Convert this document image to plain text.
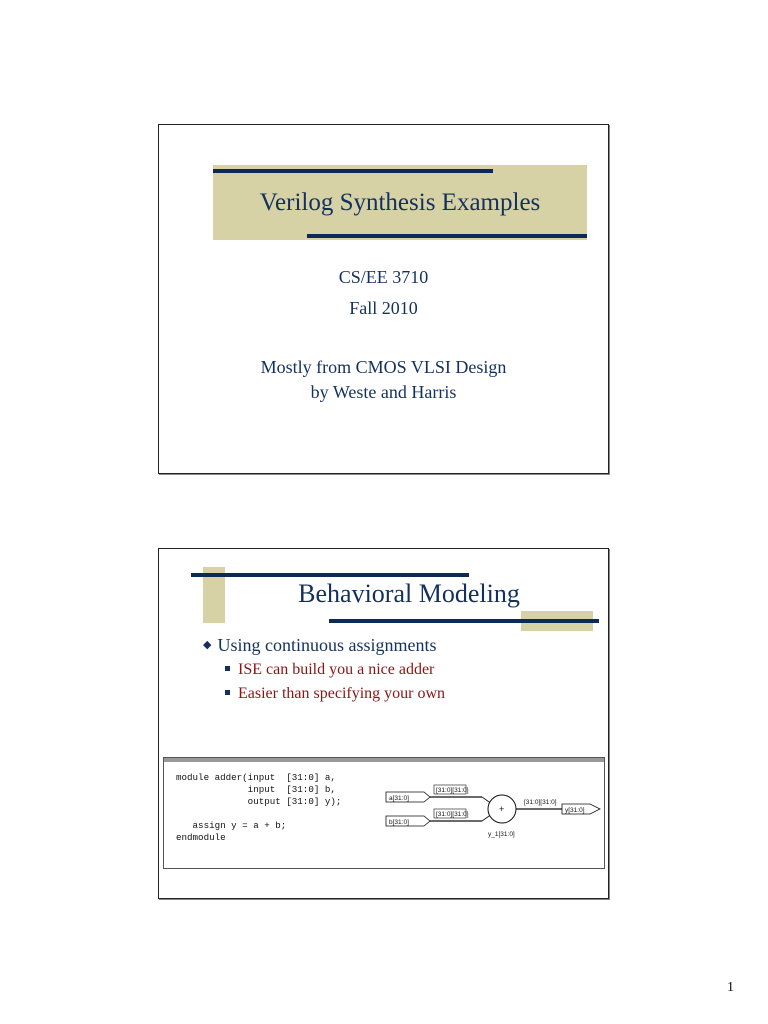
Verilog Synthesis Examples
CS/EE 3710
Fall 2010
Mostly from CMOS VLSI Design
by Weste and Harris
Behavioral Modeling
◆ Using continuous assignments
ISE can build you a nice adder
Easier than specifying your own
module adder(input  [31:0] a,
input  [31:0] b,
output [31:0] y);

assign y = a + b;
endmodule
a[31:0]
b[31:0]
[31:0][31:0]
[31:0][31:0]
+
y_1[31:0]
[31:0][31:0]
y[31:0]
1
